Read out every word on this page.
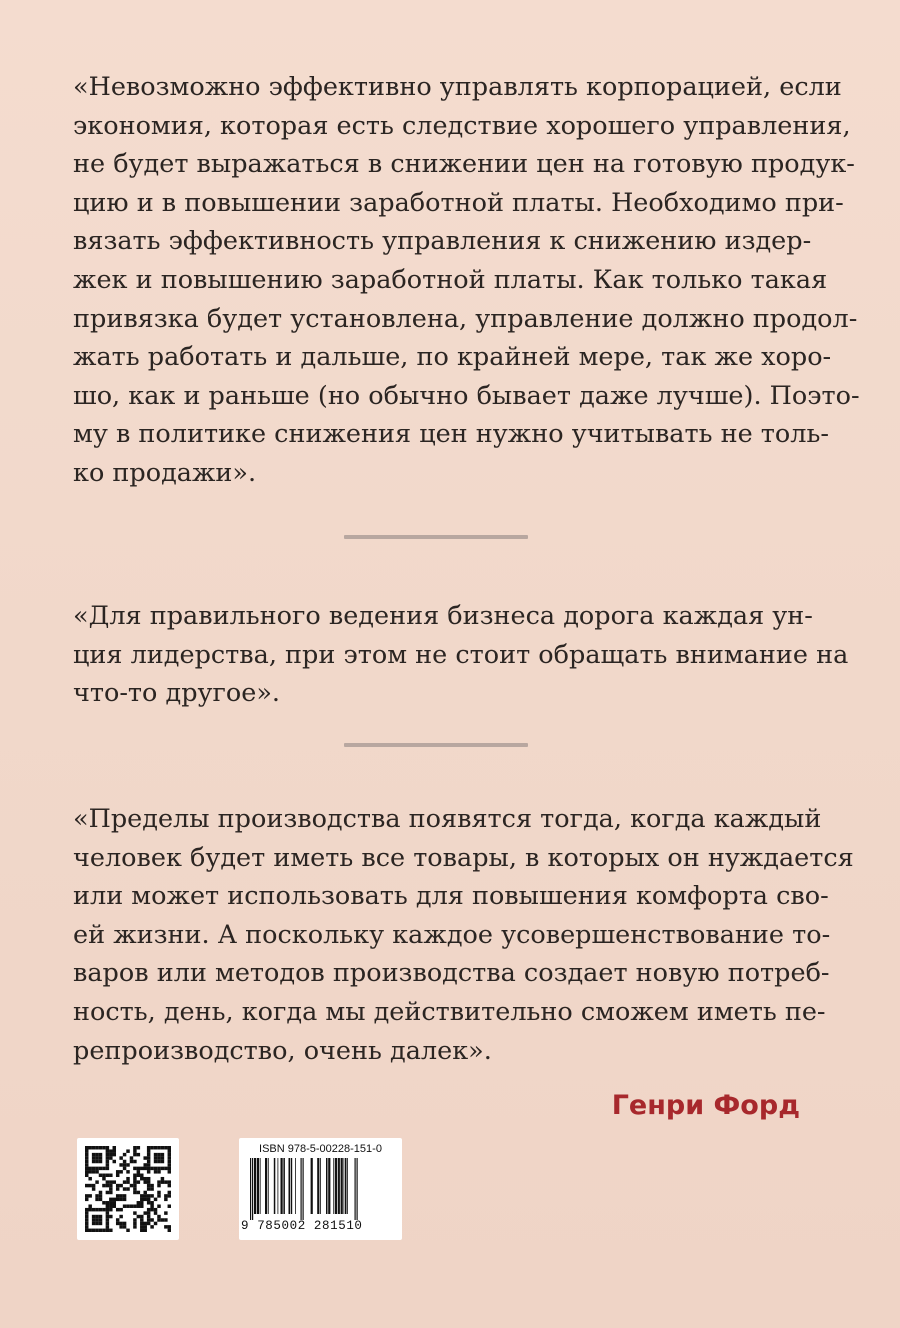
«Невозможно эффективно управлять корпорацией, если
экономия, которая есть следствие хорошего управления,
не будет выражаться в снижении цен на готовую продук-
цию и в повышении заработной платы. Необходимо при-
вязать эффективность управления к снижению издер-
жек и повышению заработной платы. Как только такая
привязка будет установлена, управление должно продол-
жать работать и дальше, по крайней мере, так же хоро-
шо, как и раньше (но обычно бывает даже лучше). Поэто-
му в политике снижения цен нужно учитывать не толь-
ко продажи».
«Для правильного ведения бизнеса дорога каждая ун-
ция лидерства, при этом не стоит обращать внимание на
что-то другое».
«Пределы производства появятся тогда, когда каждый
человек будет иметь все товары, в которых он нуждается
или может использовать для повышения комфорта сво-
ей жизни. А поскольку каждое усовершенствование то-
варов или методов производства создает новую потреб-
ность, день, когда мы действительно сможем иметь пе-
репроизводство, очень далек».
Генри Форд
ISBN 978-5-00228-151-0
9 785002 281510
